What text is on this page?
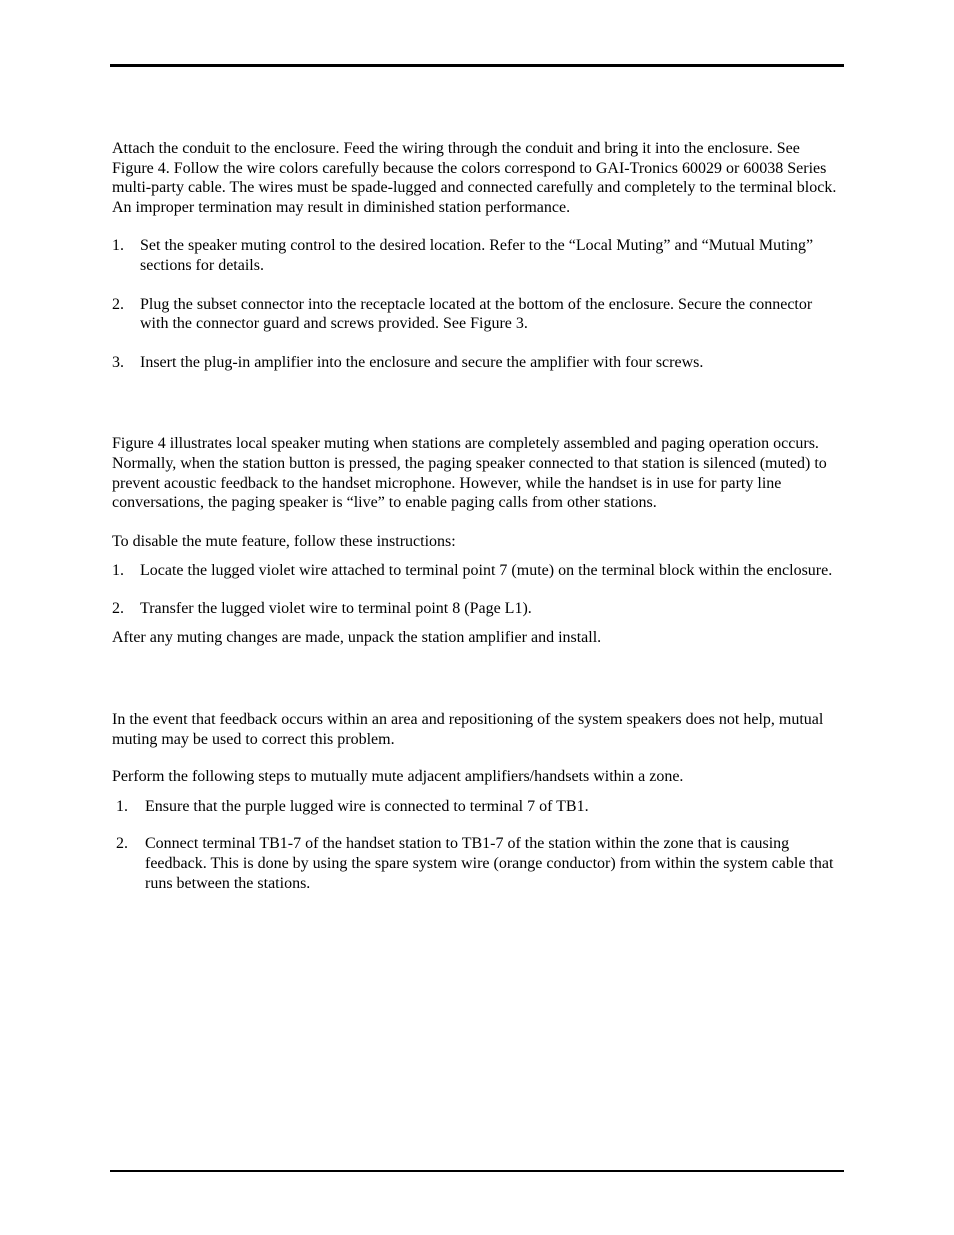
Attach the conduit to the enclosure. Feed the wiring through the conduit and bring it into the enclosure. See Figure 4. Follow the wire colors carefully because the colors correspond to GAI-Tronics 60029 or 60038 Series multi-party cable. The wires must be spade-lugged and connected carefully and completely to the terminal block. An improper termination may result in diminished station performance.

1. Set the speaker muting control to the desired location. Refer to the “Local Muting” and “Mutual Muting” sections for details.
2. Plug the subset connector into the receptacle located at the bottom of the enclosure. Secure the connector with the connector guard and screws provided. See Figure 3.
3. Insert the plug-in amplifier into the enclosure and secure the amplifier with four screws.

Figure 4 illustrates local speaker muting when stations are completely assembled and paging operation occurs. Normally, when the station button is pressed, the paging speaker connected to that station is silenced (muted) to prevent acoustic feedback to the handset microphone. However, while the handset is in use for party line conversations, the paging speaker is “live” to enable paging calls from other stations.

To disable the mute feature, follow these instructions:

1. Locate the lugged violet wire attached to terminal point 7 (mute) on the terminal block within the enclosure.
2. Transfer the lugged violet wire to terminal point 8 (Page L1).

After any muting changes are made, unpack the station amplifier and install.

In the event that feedback occurs within an area and repositioning of the system speakers does not help, mutual muting may be used to correct this problem.

Perform the following steps to mutually mute adjacent amplifiers/handsets within a zone.

1. Ensure that the purple lugged wire is connected to terminal 7 of TB1.
2. Connect terminal TB1-7 of the handset station to TB1-7 of the station within the zone that is causing feedback. This is done by using the spare system wire (orange conductor) from within the system cable that runs between the stations.
